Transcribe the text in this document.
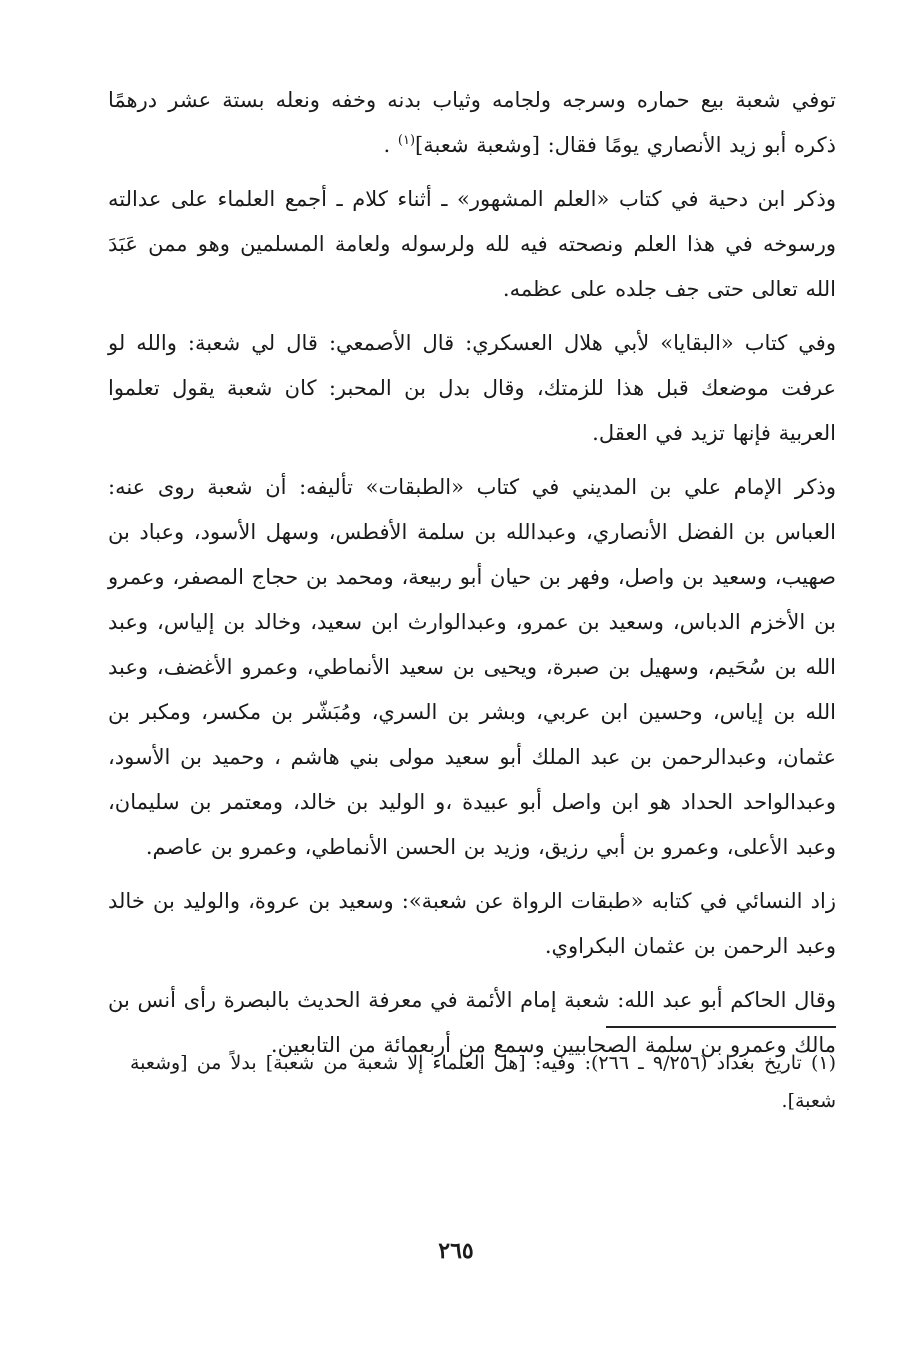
توفي شعبة بيع حماره وسرجه ولجامه وثياب بدنه وخفه ونعله بستة عشر درهمًا ذكره أبو زيد الأنصاري يومًا فقال: [وشعبة شعبة]$^{(١)}$ .

وذكر ابن دحية في كتاب «العلم المشهور» ـ أثناء كلام ـ أجمع العلماء على عدالته ورسوخه في هذا العلم ونصحته فيه لله ولرسوله ولعامة المسلمين وهو ممن عَبَدَ الله تعالى حتى جف جلده على عظمه.

وفي كتاب «البقايا» لأبي هلال العسكري: قال الأصمعي: قال لي شعبة: والله لو عرفت موضعك قبل هذا للزمتك، وقال بدل بن المحبر: كان شعبة يقول تعلموا العربية فإنها تزيد في العقل.

وذكر الإمام علي بن المديني في كتاب «الطبقات» تأليفه: أن شعبة روى عنه: العباس بن الفضل الأنصاري، وعبدالله بن سلمة الأفطس، وسهل الأسود، وعباد بن صهيب، وسعيد بن واصل، وفهر بن حيان أبو ربيعة، ومحمد بن حجاج المصفر، وعمرو بن الأخزم الدباس، وسعيد بن عمرو، وعبدالوارث ابن سعيد، وخالد بن إلياس، وعبد الله بن سُحَيم، وسهيل بن صبرة، ويحيى بن سعيد الأنماطي، وعمرو الأغضف، وعبد الله بن إياس، وحسين ابن عربي، وبشر بن السري، ومُبَشّر بن مكسر، ومكبر بن عثمان، وعبدالرحمن بن عبد الملك أبو سعيد مولى بني هاشم ، وحميد بن الأسود، وعبدالواحد الحداد هو ابن واصل أبو عبيدة ،و الوليد بن خالد، ومعتمر بن سليمان، وعبد الأعلى، وعمرو بن أبي رزيق، وزيد بن الحسن الأنماطي، وعمرو بن عاصم.

زاد النسائي في كتابه «طبقات الرواة عن شعبة»: وسعيد بن عروة، والوليد بن خالد وعبد الرحمن بن عثمان البكراوي.

وقال الحاكم أبو عبد الله: شعبة إمام الأئمة في معرفة الحديث بالبصرة رأى أنس بن مالك وعمرو بن سلمة الصحابيين وسمع من أربعمائة من التابعين.

(١) تاريخ بغداد (٩/٢٥٦ ـ ٢٦٦): وفيه: [هل العلماء إلا شعبة من شعبة] بدلاً من [وشعبة شعبة].
٢٦٥
